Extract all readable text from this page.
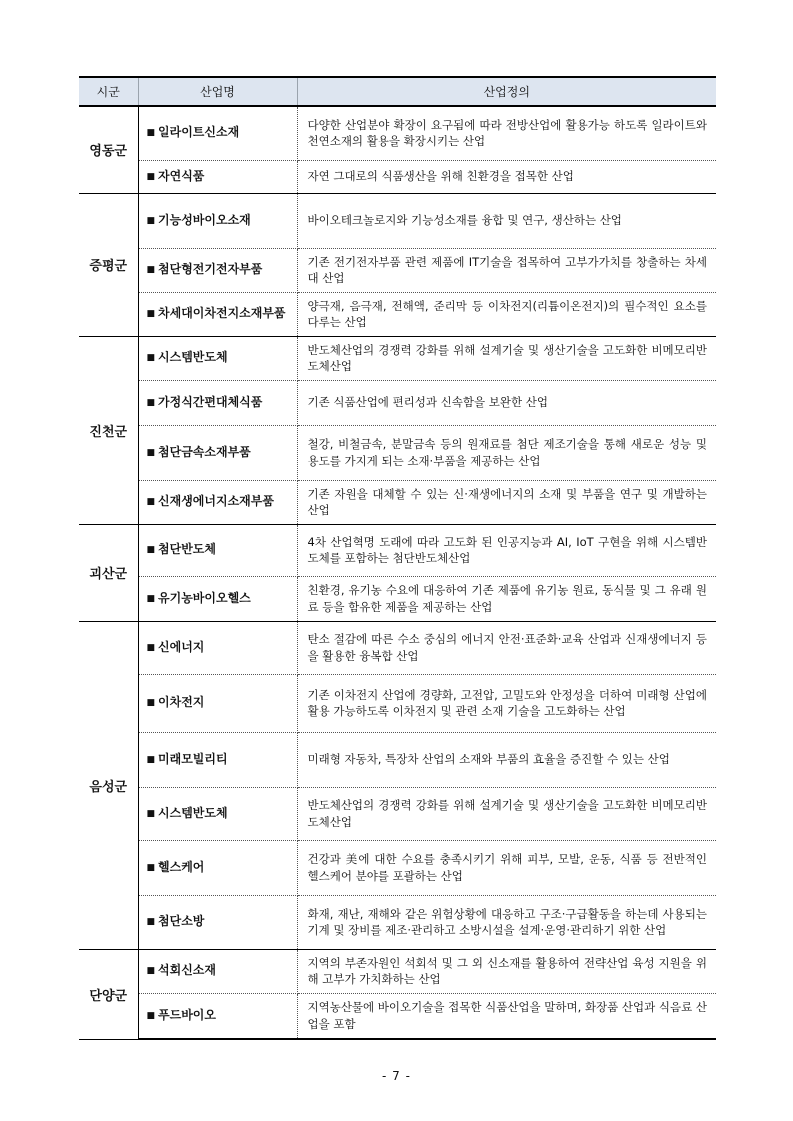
시군	산업명	산업정의
영동군	■ 일라이트신소재	다양한 산업분야 확장이 요구됨에 따라 전방산업에 활용가능 하도록 일라이트와 천연소재의 활용을 확장시키는 산업
	■ 자연식품	자연 그대로의 식품생산을 위해 친환경을 접목한 산업
증평군	■ 기능성바이오소재	바이오테크놀로지와 기능성소재를 융합 및 연구, 생산하는 산업
	■ 첨단형전기전자부품	기존 전기전자부품 관련 제품에 IT기술을 접목하여 고부가가치를 창출하는 차세대 산업
	■ 차세대이차전지소재부품	양극재, 음극재, 전해액, 준리막 등 이차전지(리튬이온전지)의 필수적인 요소를 다루는 산업
진천군	■ 시스템반도체	반도체산업의 경쟁력 강화를 위해 설계기술 및 생산기술을 고도화한 비메모리반도체산업
	■ 가정식간편대체식품	기존 식품산업에 편리성과 신속함을 보완한 산업
	■ 첨단금속소재부품	철강, 비철금속, 분말금속 등의 원재료를 첨단 제조기술을 통해 새로운 성능 및 용도를 가지게 되는 소재·부품을 제공하는 산업
	■ 신재생에너지소재부품	기존 자원을 대체할 수 있는 신·재생에너지의 소재 및 부품을 연구 및 개발하는 산업
괴산군	■ 첨단반도체	4차 산업혁명 도래에 따라 고도화 된 인공지능과 AI, IoT 구현을 위해 시스템반도체를 포함하는 첨단반도체산업
	■ 유기농바이오헬스	친환경, 유기농 수요에 대응하여 기존 제품에 유기농 원료, 동식물 및 그 유래 원료 등을 함유한 제품을 제공하는 산업
음성군	■ 신에너지	탄소 절감에 따른 수소 중심의 에너지 안전·표준화·교육 산업과 신재생에너지 등을 활용한 융복합 산업
	■ 이차전지	기존 이차전지 산업에 경량화, 고전압, 고밀도와 안정성을 더하여 미래형 산업에 활용 가능하도록 이차전지 및 관련 소재 기술을 고도화하는 산업
	■ 미래모빌리티	미래형 자동차, 특장차 산업의 소재와 부품의 효율을 증진할 수 있는 산업
	■ 시스템반도체	반도체산업의 경쟁력 강화를 위해 설계기술 및 생산기술을 고도화한 비메모리반도체산업
	■ 헬스케어	건강과 美에 대한 수요를 충족시키기 위해 피부, 모발, 운동, 식품 등 전반적인 헬스케어 분야를 포괄하는 산업
	■ 첨단소방	화재, 재난, 재해와 같은 위험상황에 대응하고 구조·구급활동을 하는데 사용되는 기계 및 장비를 제조·관리하고 소방시설을 설계·운영·관리하기 위한 산업
단양군	■ 석회신소재	지역의 부존자원인 석회석 및 그 외 신소재를 활용하여 전략산업 육성 지원을 위해 고부가 가치화하는 산업
	■ 푸드바이오	지역농산물에 바이오기술을 접목한 식품산업을 말하며, 화장품 산업과 식음료 산업을 포함
- 7 -
